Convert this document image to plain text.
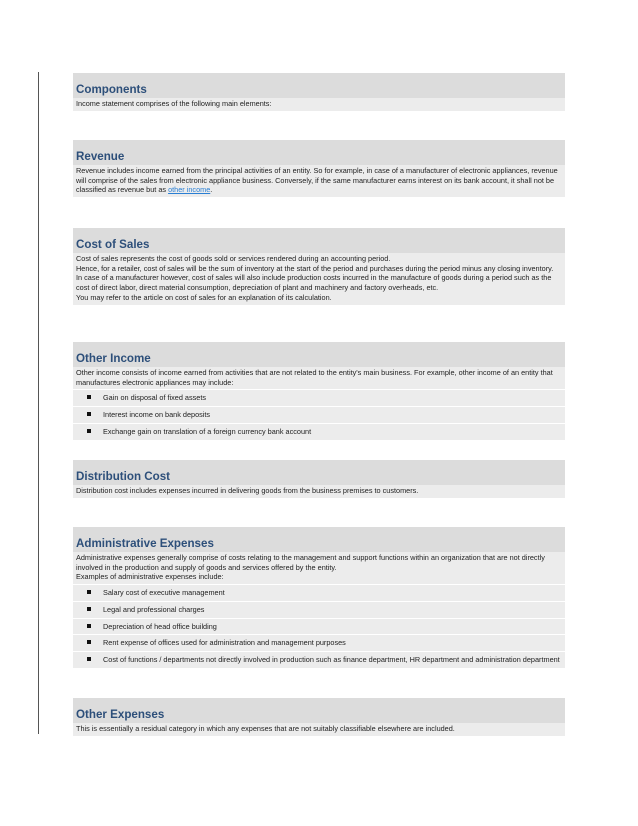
Components

Income statement comprises of the following main elements:

Revenue

Revenue includes income earned from the principal activities of an entity. So for example, in case of a manufacturer of electronic appliances, revenue will comprise of the sales from electronic appliance business. Conversely, if the same manufacturer earns interest on its bank account, it shall not be classified as revenue but as other income.

Cost of Sales

Cost of sales represents the cost of goods sold or services rendered during an accounting period.

Hence, for a retailer, cost of sales will be the sum of inventory at the start of the period and purchases during the period minus any closing inventory.

In case of a manufacturer however, cost of sales will also include production costs incurred in the manufacture of goods during a period such as the cost of direct labor, direct material consumption, depreciation of plant and machinery and factory overheads, etc.

You may refer to the article on cost of sales for an explanation of its calculation.

Other Income

Other income consists of income earned from activities that are not related to the entity's main business. For example, other income of an entity that manufactures electronic appliances may include:

Gain on disposal of fixed assets
Interest income on bank deposits
Exchange gain on translation of a foreign currency bank account
Distribution Cost

Distribution cost includes expenses incurred in delivering goods from the business premises to customers.

Administrative Expenses

Administrative expenses generally comprise of costs relating to the management and support functions within an organization that are not directly involved in the production and supply of goods and services offered by the entity.

Examples of administrative expenses include:

Salary cost of executive management
Legal and professional charges
Depreciation of head office building
Rent expense of offices used for administration and management purposes
Cost of functions / departments not directly involved in production such as finance department, HR department and administration department
Other Expenses

This is essentially a residual category in which any expenses that are not suitably classifiable elsewhere are included.
